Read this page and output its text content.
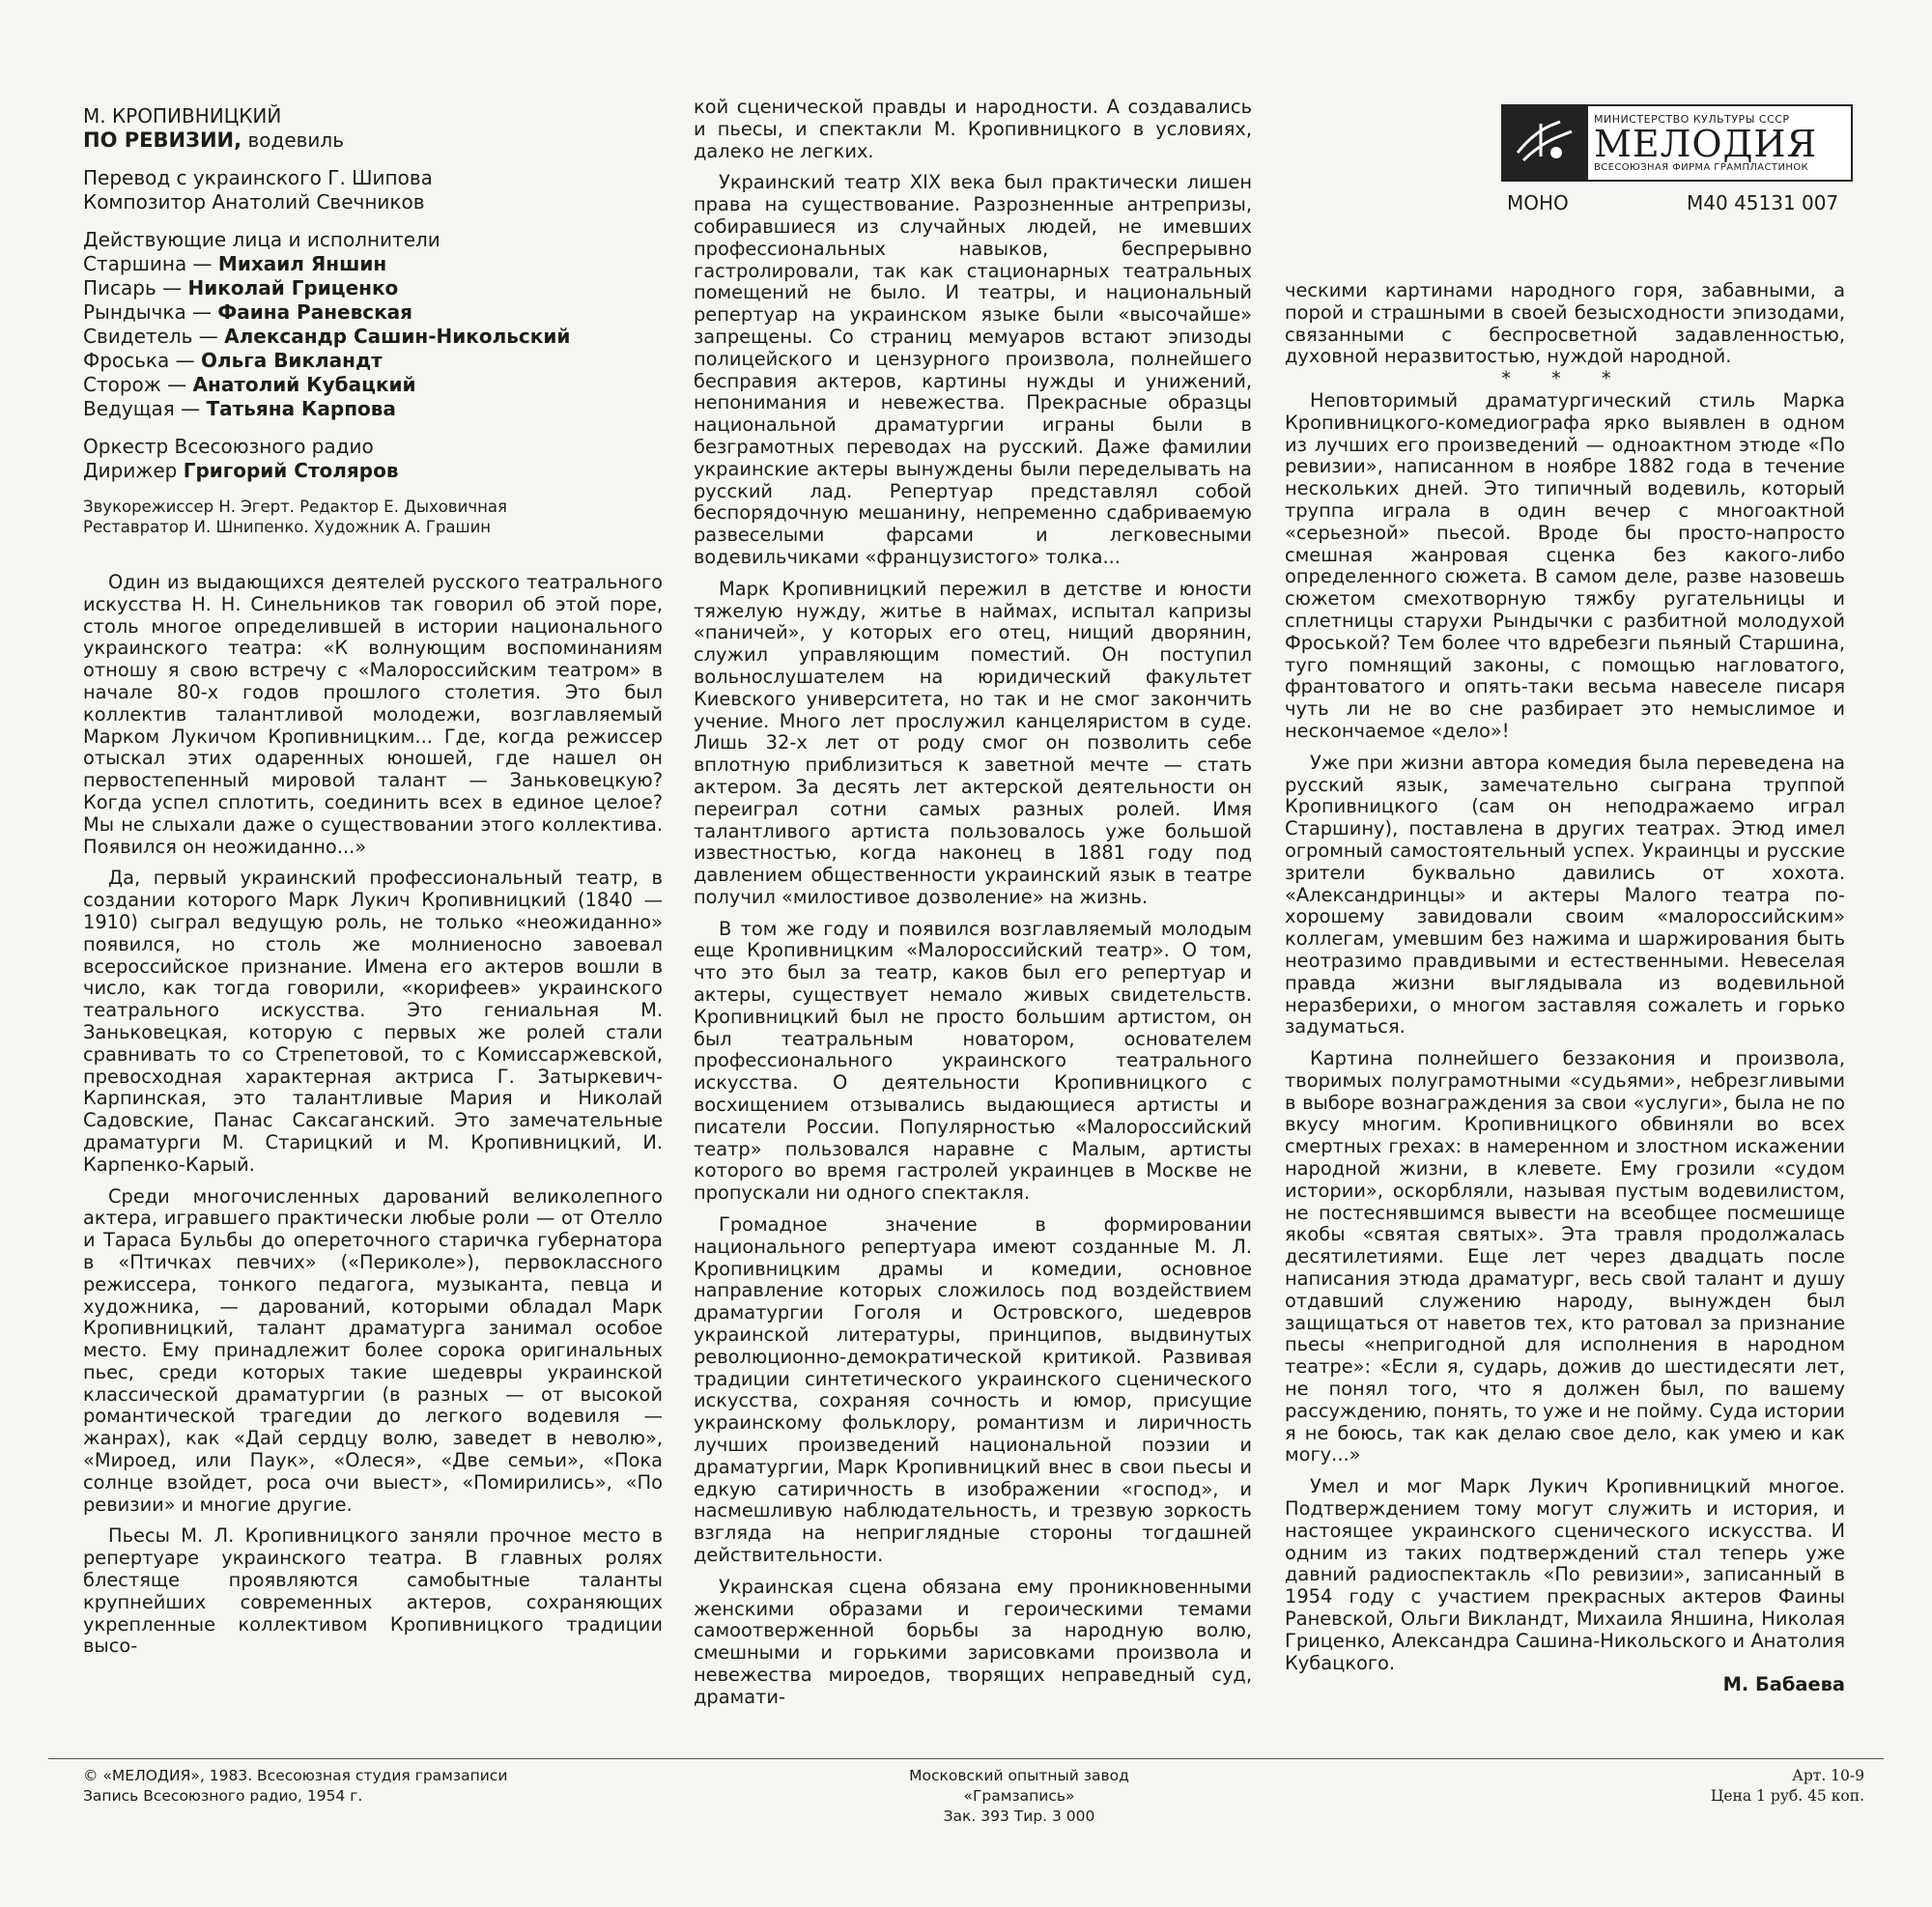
М. КРОПИВНИЦКИЙ
ПО РЕВИЗИИ, водевиль
Перевод с украинского Г. Шипова
Композитор Анатолий Свечников
Действующие лица и исполнители
Старшина — Михаил Яншин
Писарь — Николай Гриценко
Рындычка — Фаина Раневская
Свидетель — Александр Сашин-Никольский
Фроська — Ольга Викландт
Сторож — Анатолий Кубацкий
Ведущая — Татьяна Карпова
Оркестр Всесоюзного радио
Дирижер Григорий Столяров
Звукорежиссер Н. Эгерт. Редактор Е. Дыховичная
Реставратор И. Шнипенко. Художник А. Грашин

Один из выдающихся деятелей русского театрального искусства Н. Н. Синельников так говорил об этой поре, столь многое определившей в истории национального украинского театра: «К волнующим воспоминаниям отношу я свою встречу с «Малороссийским театром» в начале 80-х годов прошлого столетия. Это был коллектив талантливой молодежи, возглавляемый Марком Лукичом Кропивницким... Где, когда режиссер отыскал этих одаренных юношей, где нашел он первостепенный мировой талант — Заньковецкую? Когда успел сплотить, соединить всех в единое целое? Мы не слыхали даже о существовании этого коллектива. Появился он неожиданно...»

Да, первый украинский профессиональный театр, в создании которого Марк Лукич Кропивницкий (1840 — 1910) сыграл ведущую роль, не только «неожиданно» появился, но столь же молниеносно завоевал всероссийское признание. Имена его актеров вошли в число, как тогда говорили, «корифеев» украинского театрального искусства. Это гениальная М. Заньковецкая, которую с первых же ролей стали сравнивать то со Стрепетовой, то с Комиссаржевской, превосходная характерная актриса Г. Затыркевич-Карпинская, это талантливые Мария и Николай Садовские, Панас Саксаганский. Это замечательные драматурги М. Старицкий и М. Кропивницкий, И. Карпенко-Карый.

Среди многочисленных дарований великолепного актера, игравшего практически любые роли — от Отелло и Тараса Бульбы до опереточного старичка губернатора в «Птичках певчих» («Периколе»), первоклассного режиссера, тонкого педагога, музыканта, певца и художника, — дарований, которыми обладал Марк Кропивницкий, талант драматурга занимал особое место. Ему принадлежит более сорока оригинальных пьес, среди которых такие шедевры украинской классической драматургии (в разных — от высокой романтической трагедии до легкого водевиля — жанрах), как «Дай сердцу волю, заведет в неволю», «Мироед, или Паук», «Олеся», «Две семьи», «Пока солнце взойдет, роса очи выест», «Помирились», «По ревизии» и многие другие.

Пьесы М. Л. Кропивницкого заняли прочное место в репертуаре украинского театра. В главных ролях блестяще проявляются самобытные таланты крупнейших современных актеров, сохраняющих укрепленные коллективом Кропивницкого традиции высо-

кой сценической правды и народности. А создавались и пьесы, и спектакли М. Кропивницкого в условиях, далеко не легких.

Украинский театр XIX века был практически лишен права на существование. Разрозненные антрепризы, собиравшиеся из случайных людей, не имевших профессиональных навыков, беспрерывно гастролировали, так как стационарных театральных помещений не было. И театры, и национальный репертуар на украинском языке были «высочайше» запрещены. Со страниц мемуаров встают эпизоды полицейского и цензурного произвола, полнейшего бесправия актеров, картины нужды и унижений, непонимания и невежества. Прекрасные образцы национальной драматургии играны были в безграмотных переводах на русский. Даже фамилии украинские актеры вынуждены были переделывать на русский лад. Репертуар представлял собой беспорядочную мешанину, непременно сдабриваемую развеселыми фарсами и легковесными водевильчиками «французистого» толка...

Марк Кропивницкий пережил в детстве и юности тяжелую нужду, житье в наймах, испытал капризы «паничей», у которых его отец, нищий дворянин, служил управляющим поместий. Он поступил вольнослушателем на юридический факультет Киевского университета, но так и не смог закончить учение. Много лет прослужил канцеляристом в суде. Лишь 32-х лет от роду смог он позволить себе вплотную приблизиться к заветной мечте — стать актером. За десять лет актерской деятельности он переиграл сотни самых разных ролей. Имя талантливого артиста пользовалось уже большой известностью, когда наконец в 1881 году под давлением общественности украинский язык в театре получил «милостивое дозволение» на жизнь.

В том же году и появился возглавляемый молодым еще Кропивницким «Малороссийский театр». О том, что это был за театр, каков был его репертуар и актеры, существует немало живых свидетельств. Кропивницкий был не просто большим артистом, он был театральным новатором, основателем профессионального украинского театрального искусства. О деятельности Кропивницкого с восхищением отзывались выдающиеся артисты и писатели России. Популярностью «Малороссийский театр» пользовался наравне с Малым, артисты которого во время гастролей украинцев в Москве не пропускали ни одного спектакля.

Громадное значение в формировании национального репертуара имеют созданные М. Л. Кропивницким драмы и комедии, основное направление которых сложилось под воздействием драматургии Гоголя и Островского, шедевров украинской литературы, принципов, выдвинутых революционно-демократической критикой. Развивая традиции синтетического украинского сценического искусства, сохраняя сочность и юмор, присущие украинскому фольклору, романтизм и лиричность лучших произведений национальной поэзии и драматургии, Марк Кропивницкий внес в свои пьесы и едкую сатиричность в изображении «господ», и насмешливую наблюдательность, и трезвую зоркость взгляда на неприглядные стороны тогдашней действительности.

Украинская сцена обязана ему проникновенными женскими образами и героическими темами самоотверженной борьбы за народную волю, смешными и горькими зарисовками произвола и невежества мироедов, творящих неправедный суд, драмати-

МИНИСТЕРСТВО КУЛЬТУРЫ СССР
МЕЛОДИЯ
ВСЕСОЮЗНАЯ ФИРМА ГРАМПЛАСТИНОК
МОНО	М40 45131 007

ческими картинами народного горя, забавными, а порой и страшными в своей безысходности эпизодами, связанными с беспросветной задавленностью, духовной неразвитостью, нуждой народной.

* * *

Неповторимый драматургический стиль Марка Кропивницкого-комедиографа ярко выявлен в одном из лучших его произведений — одноактном этюде «По ревизии», написанном в ноябре 1882 года в течение нескольких дней. Это типичный водевиль, который труппа играла в один вечер с многоактной «серьезной» пьесой. Вроде бы просто-напросто смешная жанровая сценка без какого-либо определенного сюжета. В самом деле, разве назовешь сюжетом смехотворную тяжбу ругательницы и сплетницы старухи Рындычки с разбитной молодухой Фроськой? Тем более что вдребезги пьяный Старшина, туго помнящий законы, с помощью нагловатого, франтоватого и опять-таки весьма навеселе писаря чуть ли не во сне разбирает это немыслимое и нескончаемое «дело»!

Уже при жизни автора комедия была переведена на русский язык, замечательно сыграна труппой Кропивницкого (сам он неподражаемо играл Старшину), поставлена в других театрах. Этюд имел огромный самостоятельный успех. Украинцы и русские зрители буквально давились от хохота. «Александринцы» и актеры Малого театра по-хорошему завидовали своим «малороссийским» коллегам, умевшим без нажима и шаржирования быть неотразимо правдивыми и естественными. Невеселая правда жизни выглядывала из водевильной неразберихи, о многом заставляя сожалеть и горько задуматься.

Картина полнейшего беззакония и произвола, творимых полуграмотными «судьями», небрезгливыми в выборе вознаграждения за свои «услуги», была не по вкусу многим. Кропивницкого обвиняли во всех смертных грехах: в намеренном и злостном искажении народной жизни, в клевете. Ему грозили «судом истории», оскорбляли, называя пустым водевилистом, не постеснявшимся вывести на всеобщее посмешище якобы «святая святых». Эта травля продолжалась десятилетиями. Еще лет через двадцать после написания этюда драматург, весь свой талант и душу отдавший служению народу, вынужден был защищаться от наветов тех, кто ратовал за признание пьесы «непригодной для исполнения в народном театре»: «Если я, сударь, дожив до шестидесяти лет, не понял того, что я должен был, по вашему рассуждению, понять, то уже и не пойму. Суда истории я не боюсь, так как делаю свое дело, как умею и как могу...»

Умел и мог Марк Лукич Кропивницкий многое. Подтверждением тому могут служить и история, и настоящее украинского сценического искусства. И одним из таких подтверждений стал теперь уже давний радиоспектакль «По ревизии», записанный в 1954 году с участием прекрасных актеров Фаины Раневской, Ольги Викландт, Михаила Яншина, Николая Гриценко, Александра Сашина-Никольского и Анатолия Кубацкого.

М. Бабаева

© «МЕЛОДИЯ», 1983. Всесоюзная студия грамзаписи
Запись Всесоюзного радио, 1954 г.
Московский опытный завод «Грамзапись»
Зак. 393 Тир. 3 000
Арт. 10-9
Цена 1 руб. 45 коп.
